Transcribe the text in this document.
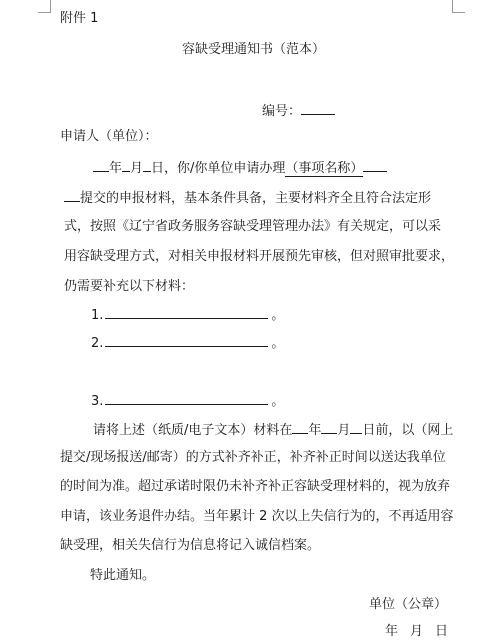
附件 1
容缺受理通知书（范本）
编号：
申请人（单位）：
年 月 日，你/你单位申请办理（事项名称）
提交的申报材料，基本条件具备，主要材料齐全且符合法定形
式，按照《辽宁省政务服务容缺受理管理办法》有关规定，可以采
用容缺受理方式，对相关申报材料开展预先审核，但对照审批要求，
仍需要补充以下材料：
1.	。
2.	。
3.	。
请将上述（纸质/电子文本）材料在 年 月 日前，以（网上
提交/现场报送/邮寄）的方式补齐补正，补齐补正时间以送达我单位
的时间为准。超过承诺时限仍未补齐补正容缺受理材料的，视为放弃
申请，该业务退件办结。当年累计 2 次以上失信行为的，不再适用容
缺受理，相关失信行为信息将记入诚信档案。
特此通知。
单位（公章）
年 月 日
